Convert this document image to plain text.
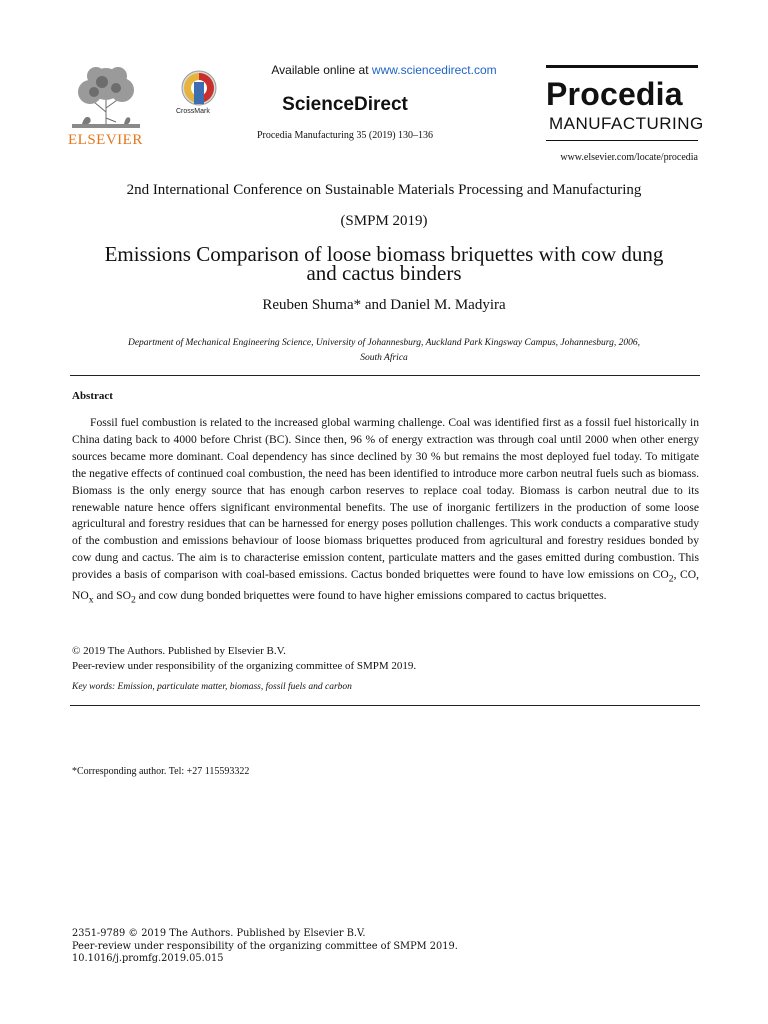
ELSEVIER
CrossMark
Available online at www.sciencedirect.com
ScienceDirect
Procedia Manufacturing 35 (2019) 130–136
Procedia
MANUFACTURING
www.elsevier.com/locate/procedia
2nd International Conference on Sustainable Materials Processing and Manufacturing
(SMPM 2019)
Emissions Comparison of loose biomass briquettes with cow dung
and cactus binders
Reuben Shuma* and Daniel M. Madyira
Department of Mechanical Engineering Science, University of Johannesburg, Auckland Park Kingsway Campus, Johannesburg, 2006,
South Africa
Abstract
Fossil fuel combustion is related to the increased global warming challenge. Coal was identified first as a fossil fuel historically in China dating back to 4000 before Christ (BC). Since then, 96 % of energy extraction was through coal until 2000 when other energy sources became more dominant. Coal dependency has since declined by 30 % but remains the most deployed fuel today. To mitigate the negative effects of continued coal combustion, the need has been identified to introduce more carbon neutral fuels such as biomass. Biomass is the only energy source that has enough carbon reserves to replace coal today. Biomass is carbon neutral due to its renewable nature hence offers significant environmental benefits. The use of inorganic fertilizers in the production of some loose agricultural and forestry residues that can be harnessed for energy poses pollution challenges. This work conducts a comparative study of the combustion and emissions behaviour of loose biomass briquettes produced from agricultural and forestry residues bonded by cow dung and cactus. The aim is to characterise emission content, particulate matters and the gases emitted during combustion. This provides a basis of comparison with coal-based emissions. Cactus bonded briquettes were found to have low emissions on $CO_2$, CO, $NO_x$ and $SO_2$ and cow dung bonded briquettes were found to have higher emissions compared to cactus briquettes.
© 2019 The Authors. Published by Elsevier B.V.
Peer-review under responsibility of the organizing committee of SMPM 2019.
Key words: Emission, particulate matter, biomass, fossil fuels and carbon
*Corresponding author. Tel: +27 115593322
2351-9789 © 2019 The Authors. Published by Elsevier B.V.
Peer-review under responsibility of the organizing committee of SMPM 2019.
10.1016/j.promfg.2019.05.015
